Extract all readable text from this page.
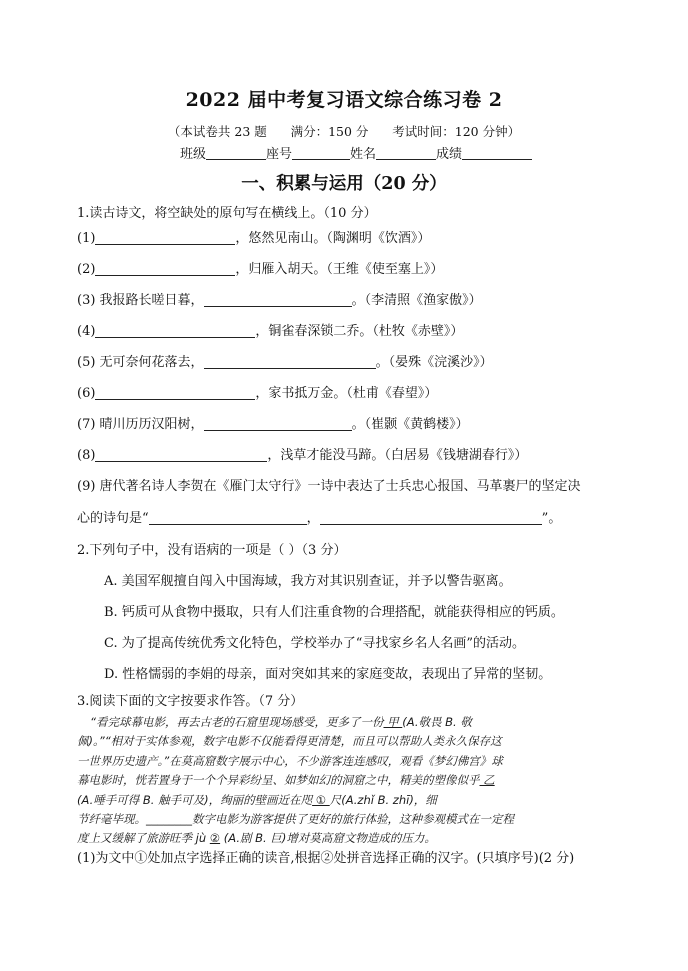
2022 届中考复习语文综合练习卷 2
（本试卷共 23 题      满分：150 分      考试时间：120 分钟）
班级	座号	姓名	成绩
一、积累与运用（20 分）
1.读古诗文，将空缺处的原句写在横线上。（10 分）
(1)	，悠然见南山。（陶渊明《饮酒》）
(2)	，归雁入胡天。（王维《使至塞上》）
(3) 我报路长嗟日暮，	。（李清照《渔家傲》）
(4)	，铜雀春深锁二乔。（杜牧《赤壁》）
(5) 无可奈何花落去，	。（晏殊《浣溪沙》）
(6)	，家书抵万金。（杜甫《春望》）
(7) 晴川历历汉阳树，	。（崔颢《黄鹤楼》）
(8)	，浅草才能没马蹄。（白居易《钱塘湖春行》）
(9) 唐代著名诗人李贺在《雁门太守行》一诗中表达了士兵忠心报国、马革裹尸的坚定决
心的诗句是“	，	”。
2.下列句子中，没有语病的一项是（ ）（3 分）
A. 美国军舰擅自闯入中国海域，我方对其识别查证，并予以警告驱离。
B. 钙质可从食物中摄取，只有人们注重食物的合理搭配，就能获得相应的钙质。
C. 为了提高传统优秀文化特色，学校举办了“寻找家乡名人名画”的活动。
D. 性格懦弱的李娟的母亲，面对突如其来的家庭变故，表现出了异常的坚韧。
3.阅读下面的文字按要求作答。（7 分）
“看完球幕电影，再去古老的石窟里现场感受，更多了一份 甲 (A.敬畏 B. 敬
佩)。”“相对于实体参观，数字电影不仅能看得更清楚，而且可以帮助人类永久保存这
一世界历史遗产。”在莫高窟数字展示中心，不少游客连连感叹，观看《梦幻佛宫》球
幕电影时，恍若置身于一个个异彩纷呈、如梦如幻的洞窟之中，精美的塑像似乎 乙
(A.唾手可得 B. 触手可及)，绚丽的壁画近在咫 ① 尺(A.zhǐ B. zhī)，细
节纤毫毕现。________数字电影为游客提供了更好的旅行体验，这种参观模式在一定程
度上又缓解了旅游旺季 jù ② (A.剧 B. 巨)增对莫高窟文物造成的压力。
(1)为文中①处加点字选择正确的读音,根据②处拼音选择正确的汉字。(只填序号)(2 分)
